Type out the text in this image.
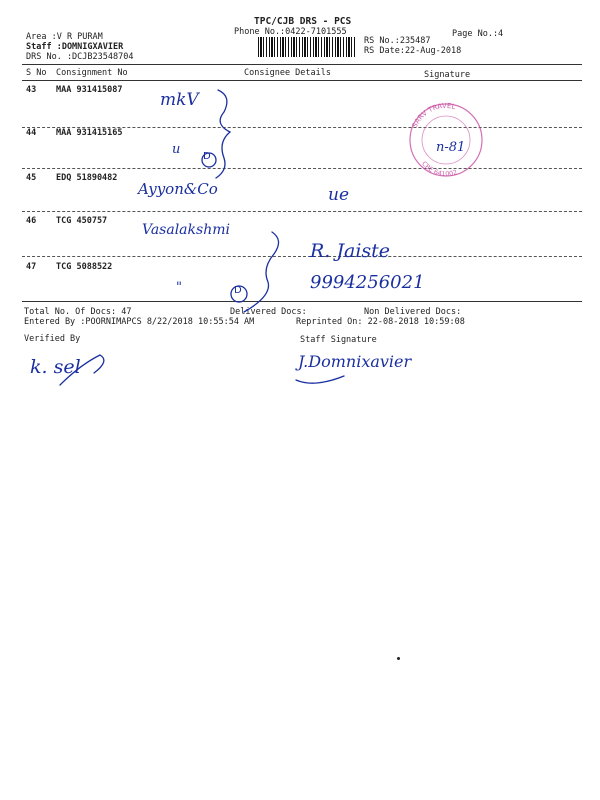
TPC/CJB DRS - PCS
Phone No.:0422-7101555	Page No.:4
Area :V R PURAM
Staff :DOMNIGXAVIER
DRS No. :DCJB23548704
RS No.:235487
RS Date:22-Aug-2018
S No Consignment No	Consignee Details	Signature
43 MAA 931415087
44 MAA 931415165
45 EDQ 51890482
46 TCG 450757
47 TCG 5088522
Total No. Of Docs: 47	Delivered Docs:	Non Delivered Docs:
Entered By :POORNIMAPCS 8/22/2018 10:55:54 AM	Reprinted On: 22-08-2018 10:59:08
Verified By	Staff Signature
SARV TRAVEL
CBE 641002
mkV
u D
n-81
Ayyon&Co	ue
Vasalakshmi
R. Jaiste
"	D	9994256021
k. sel	J.Domnixavier
